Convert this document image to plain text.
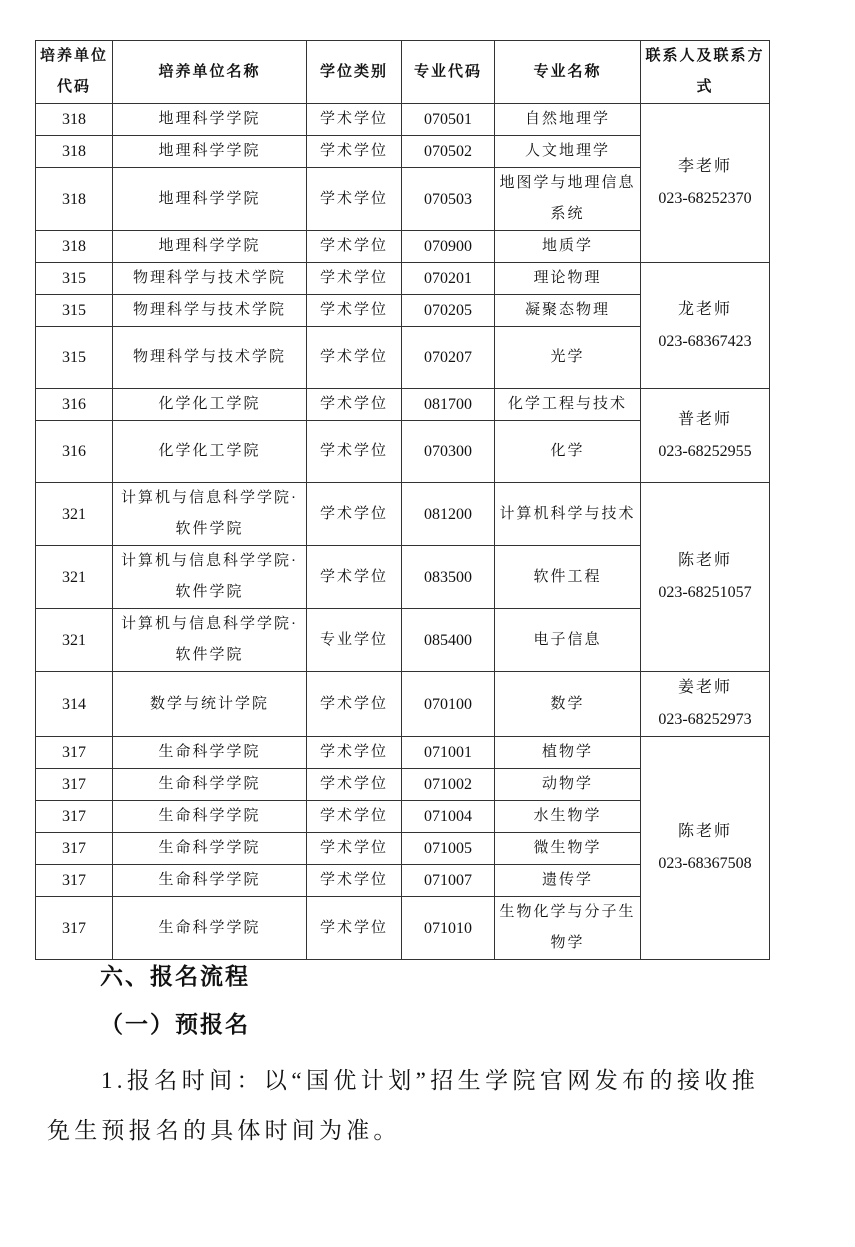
培养单位代码	培养单位名称	学位类别	专业代码	专业名称	联系人及联系方式
318	地理科学学院	学术学位	070501	自然地理学	李老师
023-68252370

318	地理科学学院	学术学位	070502	人文地理学	
318	地理科学学院	学术学位	070503	地图学与地理信息系统	
318	地理科学学院	学术学位	070900	地质学	
315	物理科学与技术学院	学术学位	070201	理论物理	龙老师
023-68367423

315	物理科学与技术学院	学术学位	070205	凝聚态物理	
315	物理科学与技术学院	学术学位	070207	光学	
316	化学化工学院	学术学位	081700	化学工程与技术	普老师
023-68252955

316	化学化工学院	学术学位	070300	化学	
321	计算机与信息科学学院·软件学院	学术学位	081200	计算机科学与技术	陈老师
023-68251057

321	计算机与信息科学学院·软件学院	学术学位	083500	软件工程	
321	计算机与信息科学学院·软件学院	专业学位	085400	电子信息	
314	数学与统计学院	学术学位	070100	数学	姜老师
023-68252973

317	生命科学学院	学术学位	071001	植物学	陈老师
023-68367508

317	生命科学学院	学术学位	071002	动物学	
317	生命科学学院	学术学位	071004	水生物学	
317	生命科学学院	学术学位	071005	微生物学	
317	生命科学学院	学术学位	071007	遗传学	
317	生命科学学院	学术学位	071010	生物化学与分子生物学	
六、报名流程
（一）预报名
1.报名时间：以“国优计划”招生学院官网发布的接收推免生预报名的具体时间为准。
